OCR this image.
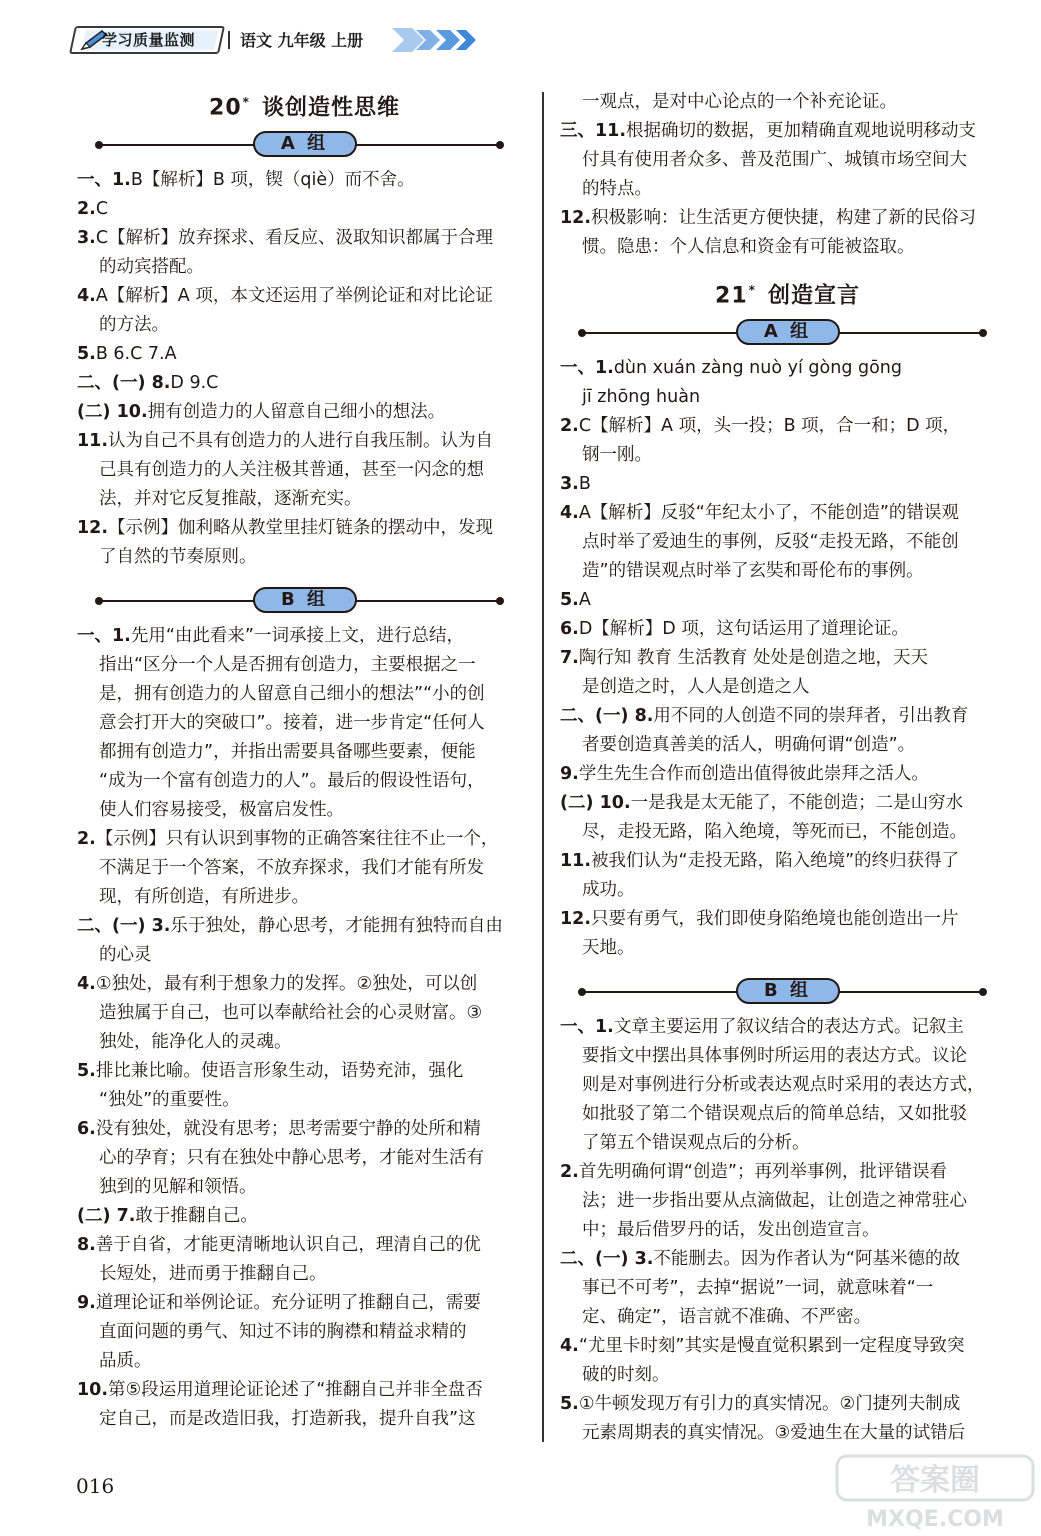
学习质量监测	语文 九年级 上册
20* 谈创造性思维
A 组

一、1.B【解析】B 项，锲（qiè）而不舍。

2.C

3.C【解析】放弃探求、看反应、汲取知识都属于合理

的动宾搭配。

4.A【解析】A 项，本文还运用了举例论证和对比论证

的方法。

5.B 6.C 7.A

二、(一) 8.D 9.C

(二) 10.拥有创造力的人留意自己细小的想法。

11.认为自己不具有创造力的人进行自我压制。认为自

己具有创造力的人关注极其普通，甚至一闪念的想

法，并对它反复推敲，逐渐充实。

12.【示例】伽利略从教堂里挂灯链条的摆动中，发现

了自然的节奏原则。

B 组

一、1.先用“由此看来”一词承接上文，进行总结，

指出“区分一个人是否拥有创造力，主要根据之一

是，拥有创造力的人留意自己细小的想法”“小的创

意会打开大的突破口”。接着，进一步肯定“任何人

都拥有创造力”，并指出需要具备哪些要素，便能

“成为一个富有创造力的人”。最后的假设性语句，

使人们容易接受，极富启发性。

2.【示例】只有认识到事物的正确答案往往不止一个，

不满足于一个答案，不放弃探求，我们才能有所发

现，有所创造，有所进步。

二、(一) 3.乐于独处，静心思考，才能拥有独特而自由

的心灵

4.①独处，最有利于想象力的发挥。②独处，可以创

造独属于自己，也可以奉献给社会的心灵财富。③

独处，能净化人的灵魂。

5.排比兼比喻。使语言形象生动，语势充沛，强化

“独处”的重要性。

6.没有独处，就没有思考；思考需要宁静的处所和精

心的孕育；只有在独处中静心思考，才能对生活有

独到的见解和领悟。

(二) 7.敢于推翻自己。

8.善于自省，才能更清晰地认识自己，理清自己的优

长短处，进而勇于推翻自己。

9.道理论证和举例论证。充分证明了推翻自己，需要

直面问题的勇气、知过不讳的胸襟和精益求精的

品质。

10.第⑤段运用道理论证论述了“推翻自己并非全盘否

定自己，而是改造旧我，打造新我，提升自我”这

一观点，是对中心论点的一个补充论证。

三、11.根据确切的数据，更加精确直观地说明移动支

付具有使用者众多、普及范围广、城镇市场空间大

的特点。

12.积极影响：让生活更方便快捷，构建了新的民俗习

惯。隐患：个人信息和资金有可能被盗取。

21* 创造宣言
A 组

一、1.dùn xuán zàng nuò yí gòng gōng

jī zhōng huàn

2.C【解析】A 项，头一投；B 项，合一和；D 项，

钢一刚。

3.B

4.A【解析】反驳“年纪太小了，不能创造”的错误观

点时举了爱迪生的事例，反驳“走投无路，不能创

造”的错误观点时举了玄奘和哥伦布的事例。

5.A

6.D【解析】D 项，这句话运用了道理论证。

7.陶行知 教育 生活教育 处处是创造之地，天天

是创造之时，人人是创造之人

二、(一) 8.用不同的人创造不同的崇拜者，引出教育

者要创造真善美的活人，明确何谓“创造”。

9.学生先生合作而创造出值得彼此崇拜之活人。

(二) 10.一是我是太无能了，不能创造；二是山穷水

尽，走投无路，陷入绝境，等死而已，不能创造。

11.被我们认为“走投无路，陷入绝境”的终归获得了

成功。

12.只要有勇气，我们即使身陷绝境也能创造出一片

天地。

B 组

一、1.文章主要运用了叙议结合的表达方式。记叙主

要指文中摆出具体事例时所运用的表达方式。议论

则是对事例进行分析或表达观点时采用的表达方式，

如批驳了第二个错误观点后的简单总结，又如批驳

了第五个错误观点后的分析。

2.首先明确何谓“创造”；再列举事例，批评错误看

法；进一步指出要从点滴做起，让创造之神常驻心

中；最后借罗丹的话，发出创造宣言。

二、(一) 3.不能删去。因为作者认为“阿基米德的故

事已不可考”，去掉“据说”一词，就意味着“一

定、确定”，语言就不准确、不严密。

4.“尤里卡时刻”其实是慢直觉积累到一定程度导致突

破的时刻。

5.①牛顿发现万有引力的真实情况。②门捷列夫制成

元素周期表的真实情况。③爱迪生在大量的试错后

016	答案圈
MXQE.COM
